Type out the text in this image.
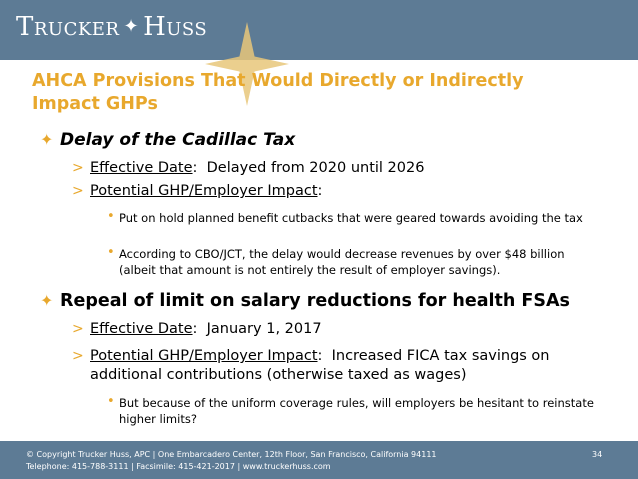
Trucker ✦ Huss
AHCA Provisions That Would Directly or Indirectly Impact GHPs
✦ Delay of the Cadillac Tax
> Effective Date:  Delayed from 2020 until 2026
> Potential GHP/Employer Impact:
• Put on hold planned benefit cutbacks that were geared towards avoiding the tax
• According to CBO/JCT, the delay would decrease revenues by over $48 billion (albeit that amount is not entirely the result of employer savings).
✦ Repeal of limit on salary reductions for health FSAs
> Effective Date:  January 1, 2017
> Potential GHP/Employer Impact:  Increased FICA tax savings on additional contributions (otherwise taxed as wages)
• But because of the uniform coverage rules, will employers be hesitant to reinstate higher limits?
© Copyright Trucker Huss, APC | One Embarcadero Center, 12th Floor, San Francisco, California 94111
Telephone: 415-788-3111 | Facsimile: 415-421-2017 | www.truckerhuss.com
34
